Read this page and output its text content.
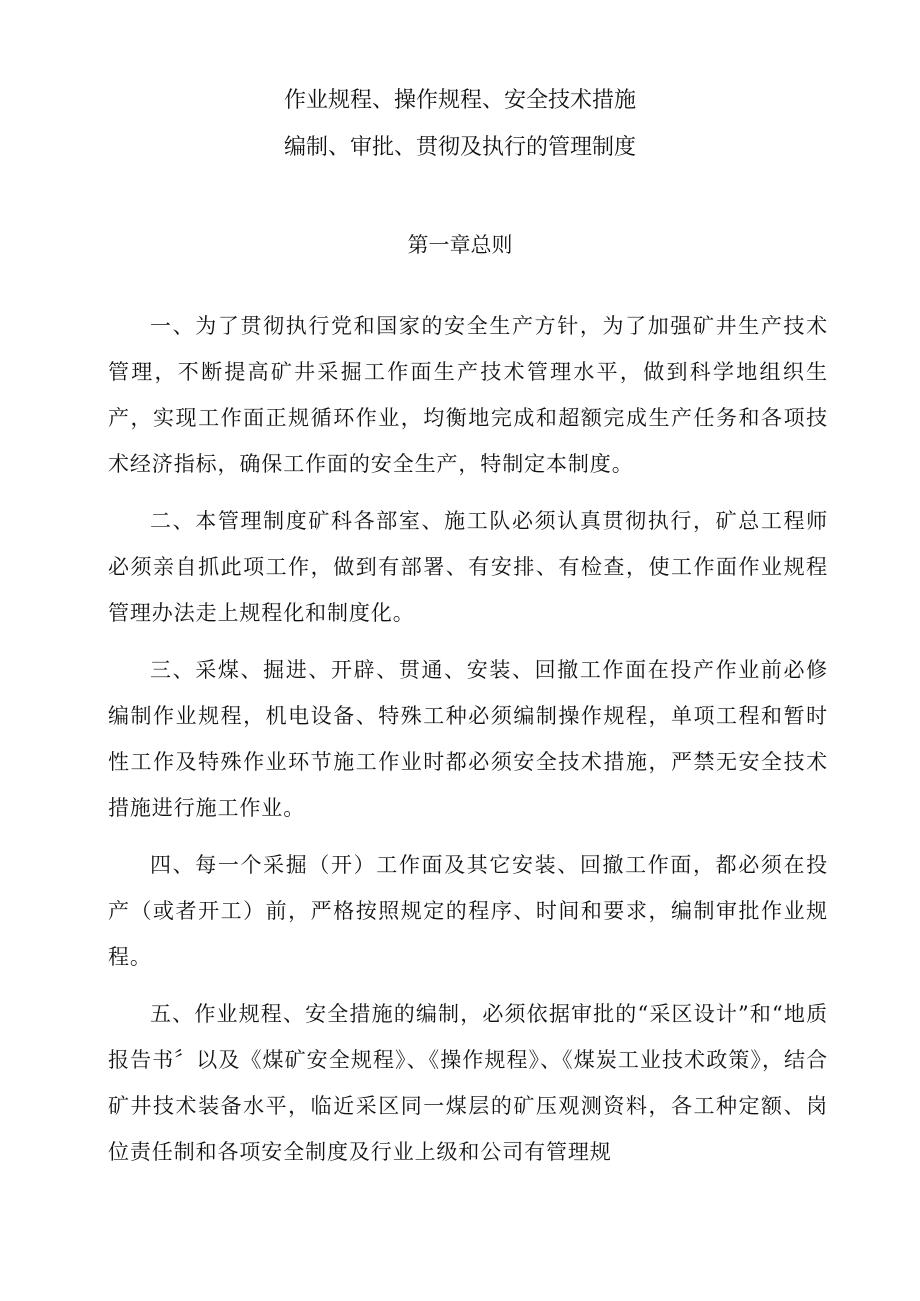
作业规程、操作规程、安全技术措施
编制、审批、贯彻及执行的管理制度
第一章总则

一、为了贯彻执行党和国家的安全生产方针，为了加强矿井生产技术管理，不断提高矿井采掘工作面生产技术管理水平，做到科学地组织生产，实现工作面正规循环作业，均衡地完成和超额完成生产任务和各项技术经济指标，确保工作面的安全生产，特制定本制度。

二、本管理制度矿科各部室、施工队必须认真贯彻执行，矿总工程师必须亲自抓此项工作，做到有部署、有安排、有检查，使工作面作业规程管理办法走上规程化和制度化。

三、采煤、掘进、开辟、贯通、安装、回撤工作面在投产作业前必修编制作业规程，机电设备、特殊工种必须编制操作规程，单项工程和暂时性工作及特殊作业环节施工作业时都必须安全技术措施，严禁无安全技术措施进行施工作业。

四、每一个采掘（开）工作面及其它安装、回撤工作面，都必须在投产（或者开工）前，严格按照规定的程序、时间和要求，编制审批作业规程。

五、作业规程、安全措施的编制，必须依据审批的“采区设计”和“地质报告书〞以及《煤矿安全规程》、《操作规程》、《煤炭工业技术政策》，结合矿井技术装备水平，临近采区同一煤层的矿压观测资料，各工种定额、岗位责任制和各项安全制度及行业上级和公司有管理规
